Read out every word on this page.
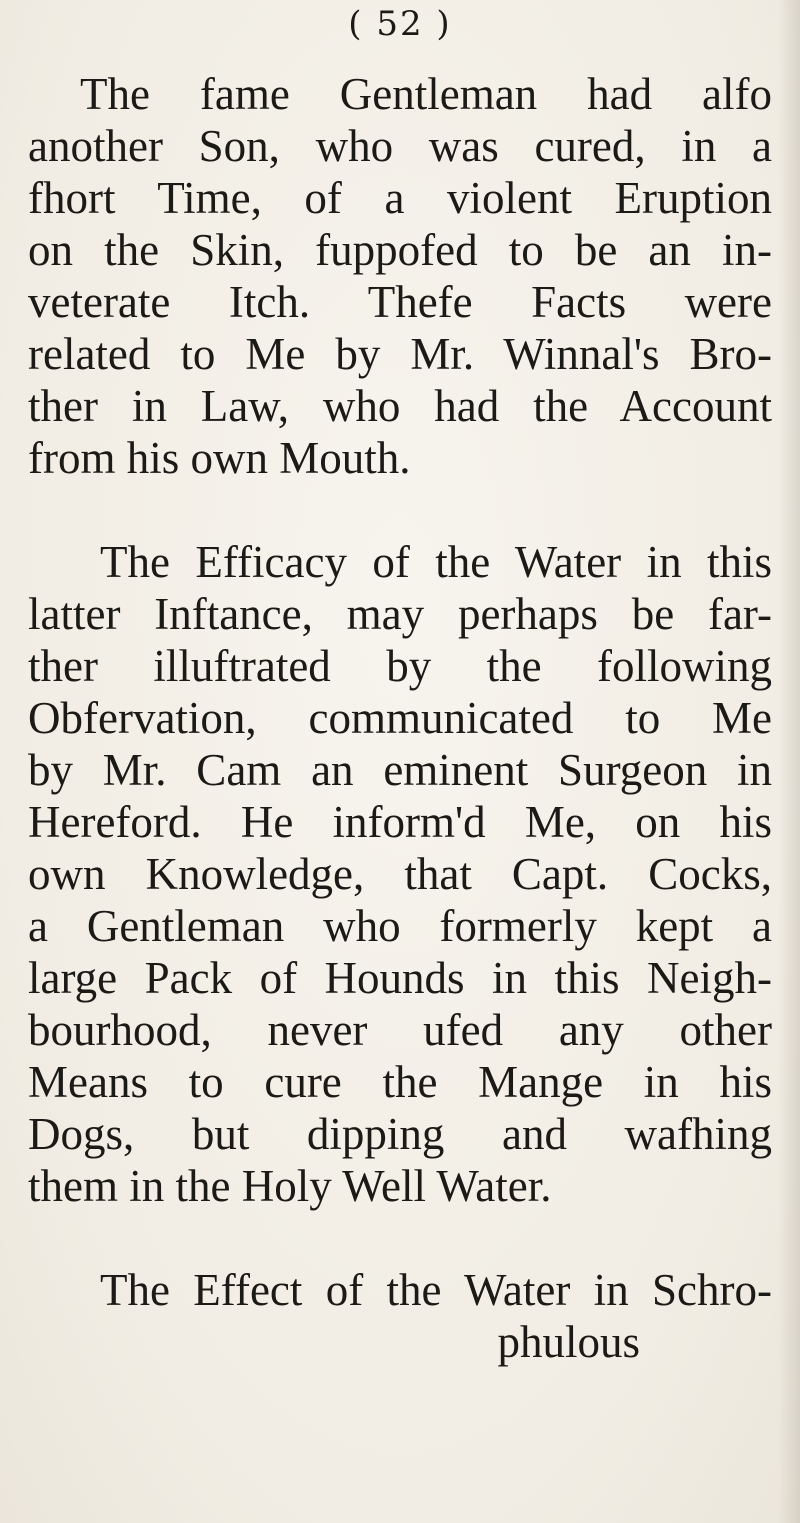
( 52 )
The fame Gentleman had alfo
another Son, who was cured, in a
fhort Time, of a violent Eruption
on the Skin, fuppofed to be an in-
veterate Itch. Thefe Facts were
related to Me by Mr. Winnal's Bro-
ther in Law, who had the Account
from his own Mouth.
The Efficacy of the Water in this
latter Inftance, may perhaps be far-
ther illuftrated by the following
Obfervation, communicated to Me
by Mr. Cam an eminent Surgeon in
Hereford. He inform'd Me, on his
own Knowledge, that Capt. Cocks,
a Gentleman who formerly kept a
large Pack of Hounds in this Neigh-
bourhood, never ufed any other
Means to cure the Mange in his
Dogs, but dipping and wafhing
them in the Holy Well Water.
The Effect of the Water in Schro-
phulous
